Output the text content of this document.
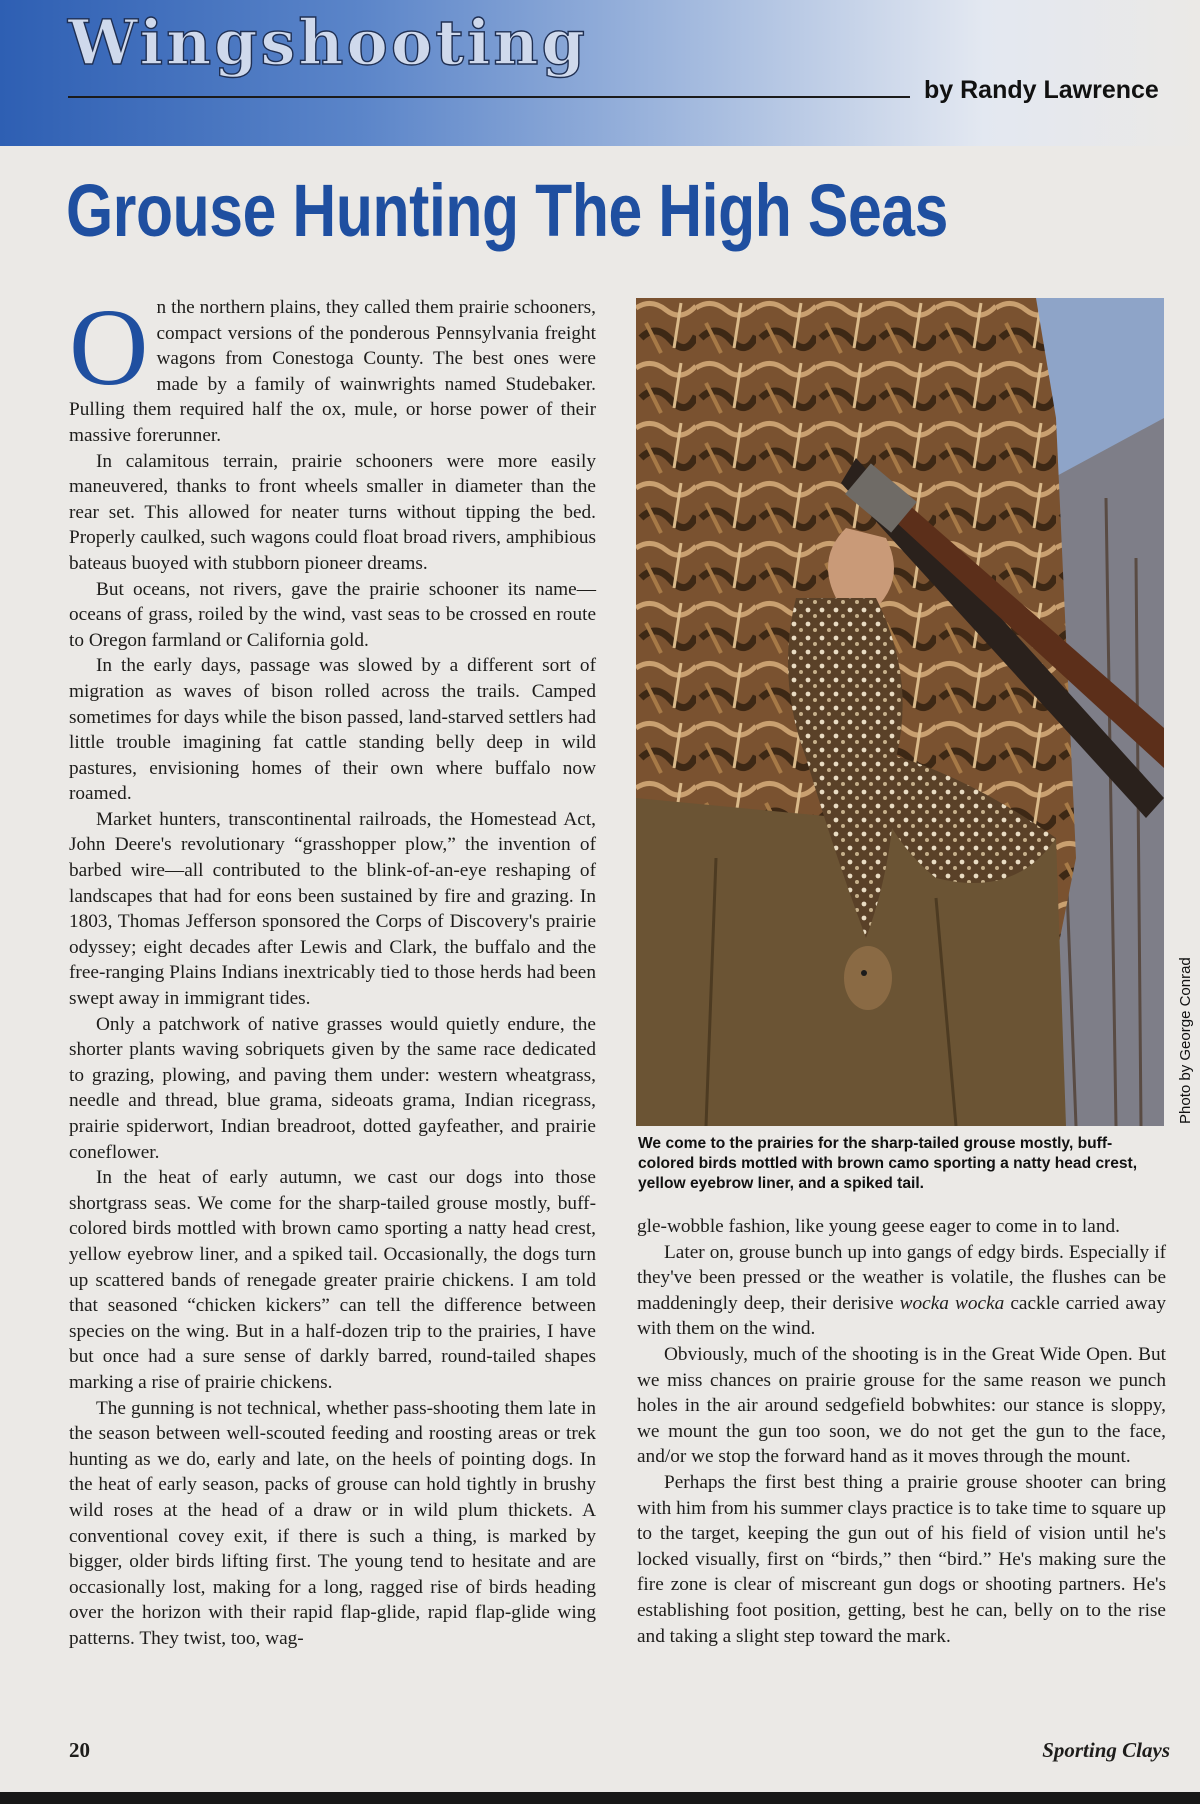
Wingshooting
by Randy Lawrence
Grouse Hunting The High Seas

On the northern plains, they called them prairie schooners, compact versions of the ponderous Pennsylvania freight wagons from Conestoga County. The best ones were made by a family of wainwrights named Studebaker. Pulling them required half the ox, mule, or horse power of their massive forerunner.

In calamitous terrain, prairie schooners were more easily maneuvered, thanks to front wheels smaller in diameter than the rear set. This allowed for neater turns without tipping the bed. Properly caulked, such wagons could float broad rivers, amphibious bateaus buoyed with stubborn pioneer dreams.

But oceans, not rivers, gave the prairie schooner its name—oceans of grass, roiled by the wind, vast seas to be crossed en route to Oregon farmland or California gold.

In the early days, passage was slowed by a different sort of migration as waves of bison rolled across the trails. Camped sometimes for days while the bison passed, land-starved settlers had little trouble imagining fat cattle standing belly deep in wild pastures, envisioning homes of their own where buffalo now roamed.

Market hunters, transcontinental railroads, the Homestead Act, John Deere's revolutionary “grasshopper plow,” the invention of barbed wire—all contributed to the blink-of-an-eye reshaping of landscapes that had for eons been sustained by fire and grazing. In 1803, Thomas Jefferson sponsored the Corps of Discovery's prairie odyssey; eight decades after Lewis and Clark, the buffalo and the free-ranging Plains Indians inextricably tied to those herds had been swept away in immigrant tides.

Only a patchwork of native grasses would quietly endure, the shorter plants waving sobriquets given by the same race dedicated to grazing, plowing, and paving them under: western wheatgrass, needle and thread, blue grama, sideoats grama, Indian ricegrass, prairie spiderwort, Indian breadroot, dotted gayfeather, and prairie coneflower.

In the heat of early autumn, we cast our dogs into those shortgrass seas. We come for the sharp-tailed grouse mostly, buff-colored birds mottled with brown camo sporting a natty head crest, yellow eyebrow liner, and a spiked tail. Occasionally, the dogs turn up scattered bands of renegade greater prairie chickens. I am told that seasoned “chicken kickers” can tell the difference between species on the wing. But in a half-dozen trip to the prairies, I have but once had a sure sense of darkly barred, round-tailed shapes marking a rise of prairie chickens.

The gunning is not technical, whether pass-shooting them late in the season between well-scouted feeding and roosting areas or trek hunting as we do, early and late, on the heels of pointing dogs. In the heat of early season, packs of grouse can hold tightly in brushy wild roses at the head of a draw or in wild plum thickets. A conventional covey exit, if there is such a thing, is marked by bigger, older birds lifting first. The young tend to hesitate and are occasionally lost, making for a long, ragged rise of birds heading over the horizon with their rapid flap-glide, rapid flap-glide wing patterns. They twist, too, wag-

Photo by George Conrad
We come to the prairies for the sharp-tailed grouse mostly, buff-colored birds mottled with brown camo sporting a natty head crest, yellow eyebrow liner, and a spiked tail.

gle-wobble fashion, like young geese eager to come in to land.

Later on, grouse bunch up into gangs of edgy birds. Especially if they've been pressed or the weather is volatile, the flushes can be maddeningly deep, their derisive wocka wocka cackle carried away with them on the wind.

Obviously, much of the shooting is in the Great Wide Open. But we miss chances on prairie grouse for the same reason we punch holes in the air around sedgefield bobwhites: our stance is sloppy, we mount the gun too soon, we do not get the gun to the face, and/or we stop the forward hand as it moves through the mount.

Perhaps the first best thing a prairie grouse shooter can bring with him from his summer clays practice is to take time to square up to the target, keeping the gun out of his field of vision until he's locked visually, first on “birds,” then “bird.” He's making sure the fire zone is clear of miscreant gun dogs or shooting partners. He's establishing foot position, getting, best he can, belly on to the rise and taking a slight step toward the mark.

20	Sporting Clays
